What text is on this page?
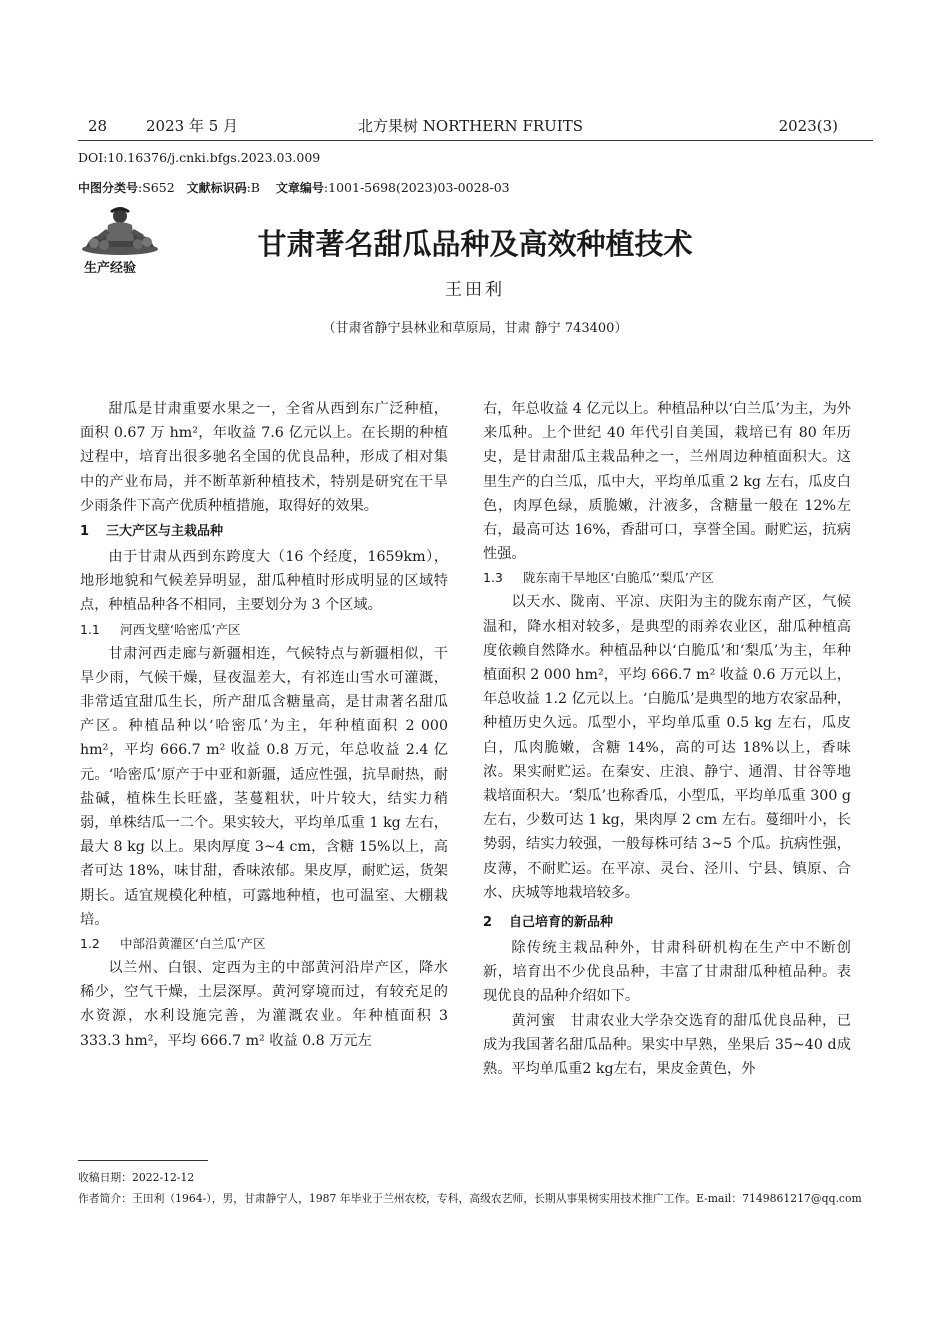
28	2023 年 5 月	北方果树 NORTHERN FRUITS	2023(3)
DOI:10.16376/j.cnki.bfgs.2023.03.009
中图分类号:S652 文献标识码:B 文章编号:1001-5698(2023)03-0028-03
生产经验
甘肃著名甜瓜品种及高效种植技术
王田利
（甘肃省静宁县林业和草原局，甘肃 静宁 743400）

甜瓜是甘肃重要水果之一，全省从西到东广泛种植，面积 0.67 万 hm²，年收益 7.6 亿元以上。在长期的种植过程中，培育出很多驰名全国的优良品种，形成了相对集中的产业布局，并不断革新种植技术，特别是研究在干旱少雨条件下高产优质种植措施，取得好的效果。

1 三大产区与主栽品种

由于甘肃从西到东跨度大（16 个经度，1659km），地形地貌和气候差异明显，甜瓜种植时形成明显的区域特点，种植品种各不相同，主要划分为 3 个区域。

1.1 河西戈壁‘哈密瓜’产区

甘肃河西走廊与新疆相连，气候特点与新疆相似，干旱少雨，气候干燥，昼夜温差大，有祁连山雪水可灌溉，非常适宜甜瓜生长，所产甜瓜含糖量高，是甘肃著名甜瓜产区。种植品种以‘哈密瓜’为主，年种植面积 2 000 hm²，平均 666.7 m² 收益 0.8 万元，年总收益 2.4 亿元。‘哈密瓜’原产于中亚和新疆，适应性强，抗旱耐热，耐盐碱，植株生长旺盛，茎蔓粗状，叶片较大，结实力稍弱，单株结瓜一二个。果实较大，平均单瓜重 1 kg 左右，最大 8 kg 以上。果肉厚度 3~4 cm，含糖 15%以上，高者可达 18%，味甘甜，香味浓郁。果皮厚，耐贮运，货架期长。适宜规模化种植，可露地种植，也可温室、大棚栽培。

1.2 中部沿黄灌区‘白兰瓜’产区

以兰州、白银、定西为主的中部黄河沿岸产区，降水稀少，空气干燥，土层深厚。黄河穿境而过，有较充足的水资源，水利设施完善，为灌溉农业。年种植面积 3 333.3 hm²，平均 666.7 m² 收益 0.8 万元左

右，年总收益 4 亿元以上。种植品种以‘白兰瓜’为主，为外来瓜种。上个世纪 40 年代引自美国，栽培已有 80 年历史，是甘肃甜瓜主栽品种之一，兰州周边种植面积大。这里生产的白兰瓜，瓜中大，平均单瓜重 2 kg 左右，瓜皮白色，肉厚色绿，质脆嫩，汁液多，含糖量一般在 12%左右，最高可达 16%，香甜可口，享誉全国。耐贮运，抗病性强。

1.3 陇东南干旱地区‘白脆瓜’‘梨瓜’产区

以天水、陇南、平凉、庆阳为主的陇东南产区，气候温和，降水相对较多，是典型的雨养农业区，甜瓜种植高度依赖自然降水。种植品种以‘白脆瓜’和‘梨瓜’为主，年种植面积 2 000 hm²，平均 666.7 m² 收益 0.6 万元以上，年总收益 1.2 亿元以上。‘白脆瓜’是典型的地方农家品种，种植历史久远。瓜型小，平均单瓜重 0.5 kg 左右，瓜皮白，瓜肉脆嫩，含糖 14%，高的可达 18%以上，香味浓。果实耐贮运。在秦安、庄浪、静宁、通渭、甘谷等地栽培面积大。‘梨瓜’也称香瓜，小型瓜，平均单瓜重 300 g 左右，少数可达 1 kg，果肉厚 2 cm 左右。蔓细叶小，长势弱，结实力较强，一般每株可结 3~5 个瓜。抗病性强，皮薄，不耐贮运。在平凉、灵台、泾川、宁县、镇原、合水、庆城等地栽培较多。

2 自己培育的新品种

除传统主栽品种外，甘肃科研机构在生产中不断创新，培育出不少优良品种，丰富了甘肃甜瓜种植品种。表现优良的品种介绍如下。

黄河蜜　甘肃农业大学杂交选育的甜瓜优良品种，已成为我国著名甜瓜品种。果实中早熟，坐果后 35~40 d成熟。平均单瓜重2 kg左右，果皮金黄色，外

收稿日期：2022-12-12
作者简介：王田利（1964-），男，甘肃静宁人，1987 年毕业于兰州农校，专科，高级农艺师，长期从事果树实用技术推广工作。E-mail：7149861217@qq.com
